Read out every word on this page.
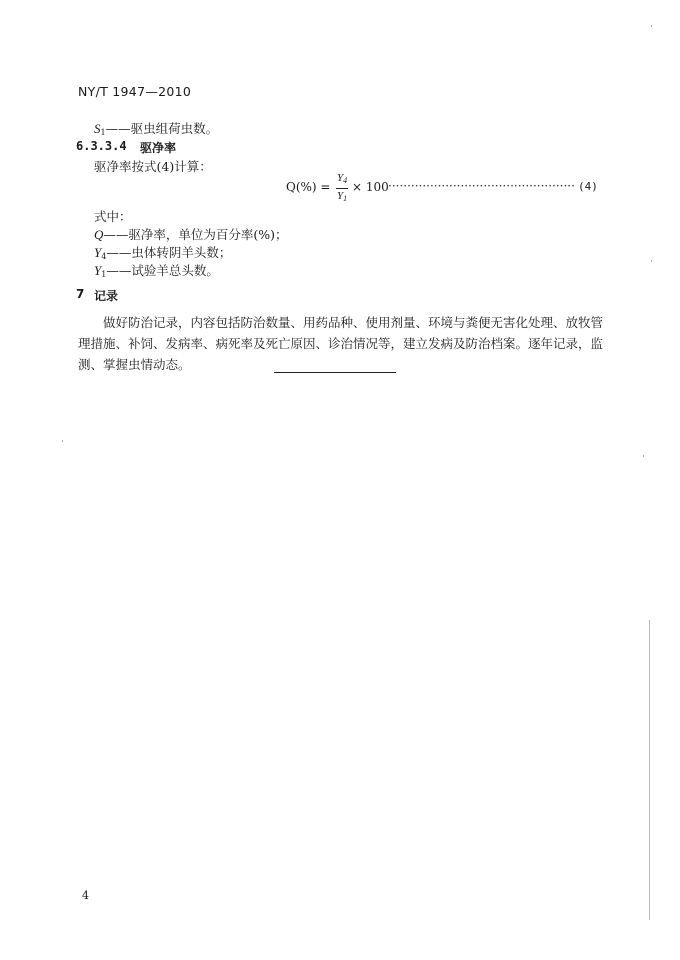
NY/T 1947—2010
$S_1——$驱虫组荷虫数。
6.3.3.4 驱净率
驱净率按式(4)计算：
Q(%) =
$Y_4$
$Y_1$
× 100 ················································· (4)
式中：
Q——驱净率，单位为百分率(%)；
$Y_4——$虫体转阴羊头数；
$Y_1——$试验羊总头数。
7 记录
做好防治记录，内容包括防治数量、用药品种、使用剂量、环境与粪便无害化处理、放牧管理措施、补饲、发病率、病死率及死亡原因、诊治情况等，建立发病及防治档案。逐年记录，监测、掌握虫情动态。
4
